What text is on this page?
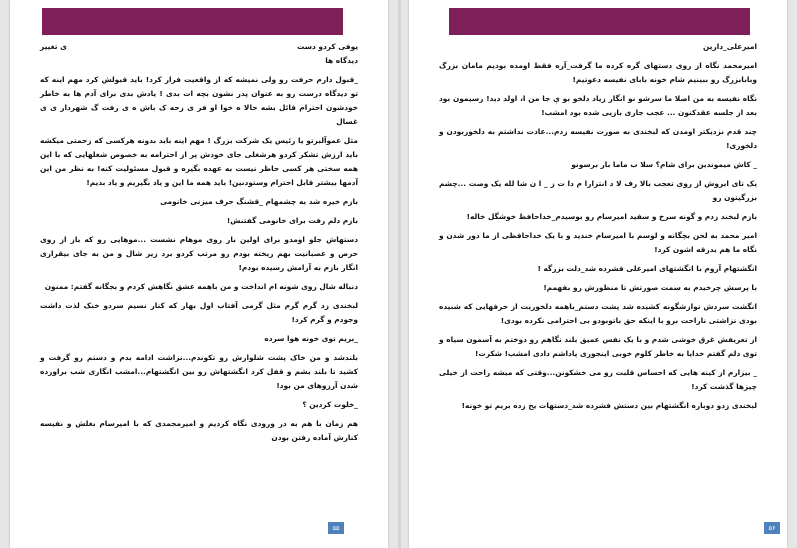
یوفی کردو دست
ی تغییر

دیدگاه ها

_قبول دارم حرفت رو ولی نمیشه که از واقعیت فرار کرد! باید قبولش کرد مهم اینه که تو دیدگاه درست رو به عنوان پدر نشون بچه ات بدی ! یادش بدی برای آدم ها به خاطر خودشون احترام قائل بشه حالا ه خوا او فر ی زحه ک باش ه ی رفت گ شهردار ی ی غسال

مثل عموآلبرتو یا رئیس یک شرکت بزرگ ! مهم اینه باید بدونه هرکسی که زحمتی میکشه باید ارزش تشکر کردو هرشغلی جای خودش پر از احترامه به خصوص شغلهایی که با این همه سختی هر کسی حاظر نیست به عهده بگیره و قبول مسئولیت کنه! به نظر من این آدمها بیشتر قابل احترام وستودنین! باید همه ما این و یاد بگیریم و یاد بدیم!

بازم خیره شد به چشمهام _قشنگ حرف میزنی خانومی

بازم دلم رفت برای خانومی گفتنش!

دستهاش جلو اومدو برای اولین بار روی موهام نشست ...موهایی رو که باز از روی حرص و عصبانیت بهم ریخته بودم رو مرتب کردو برد زیر شال و من به جای بیقراری انگار بازم به آرامش رسیده بودم!

دنباله شال روی شونه ام انداخت و من باهمه عشق نگاهش کردم و بجگانه گفتم: ممنون

لبخندی زد گرم گرم مثل گرمی آفتاب اول بهار که کنار نسیم سردو خنک لذت داشت وجودم و گرم کرد!

_بریم توی خونه هوا سرده

بلندشد و من خاک پشت شلوارش رو تکوندم...نزاشت ادامه بدم و دستم رو گرفت و کشید تا بلند بشم و قفل کرد انگشتهاش رو بین انگشتهام...امشب انگاری شب براورده شدن آرزوهای من بود!

_خلوت کردین ؟

هم زمان با هم به در ورودی نگاه کردیم و امیرمحمدی که با امیرسام بغلش و نفیسه کنارش آماده رفتن بودن

۵۵

امیرعلی_دارین

امیرمحمد نگاه از روی دستهای گره کرده ما گرفت_آره فقط اومده بودیم مامان بزرگ وبابابزرگ رو ببینیم شام خونه بابای نفیسه دعوتیم!

نگاه نفیسه به من اصلا ما سرشو نو انگار زیاد دلخو بو ې جا من ا، اولد دید! رسیمون بود بعد از جلسه عقدکنون ... عجب جاری بازیی شده بود امشب!

چند قدم نزدیکتر اومدن که لبخندی به صورت نفیسه زدم...عادت نداشتم به دلخوربودن و دلخوری!

_ کاش میموندین برای شام؟ سلا ب ماما بار برسونو

یک تای ابروش از روی تعجب بالا رف لا د انتزارا م دا ت ز _ ا ن شا لله یک وصت ...چشم بزرگیتون رو

بازم لبخند زدم و گونه سرخ و سفید امیرسام رو بوسیدم_خداحافظ خوشگل خاله!

امیر محمد به لحن بچگانه و لوسم با امیرسام خندید و با یک خداحافظی از ما دور شدن و نگاه ما هم بدرقه اشون کرد!

انگشتهام آروم با انگشتهای امیرعلی فشرده شد_دلت بزرگه !

با پرسش چرخیدم به سمت صورتش تا منظورش رو بفهمم!

انگشت سردش نوازشگونه کشیده شد پشت دستم_باهمه دلخوریت از حرفهایی که شنیده بودی نزاشتی ناراحت برو با اینکه حق باتوبودو بی احترامی نکرده بودی!

از تعریفش غرق خوشی شدم و با یک نفس عمیق بلند نگاهم رو دوختم به آسمون سیاه و توی دلم گفتم خدایا به خاطر کلوم خوبی اینجوری پاداشم دادی امشب! شکرت!

_ بیزارم از کینه هایی که احساس قلبت رو می خشکونن...وقتی که میشه راحت از خیلی چیزها گذشت کرد!

لبخندی زدو دوباره انگشتهام بین دستش فشرده شد_دستهات یخ زده بریم تو خونه!

۵۶
